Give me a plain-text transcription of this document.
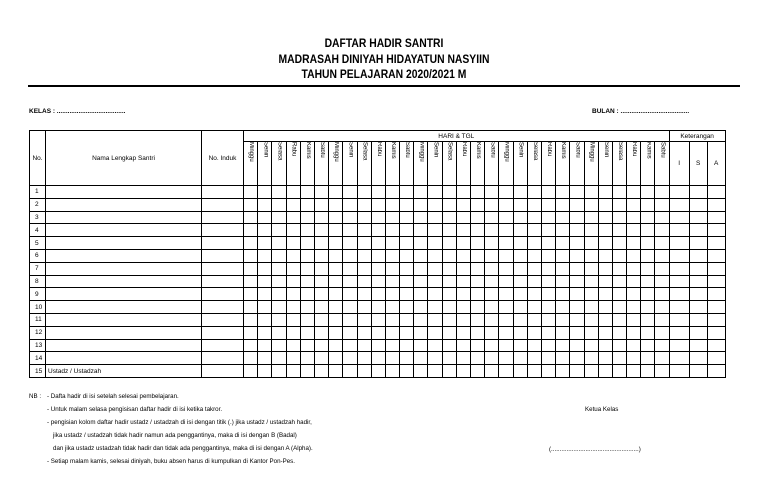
DAFTAR HADIR SANTRI
MADRASAH DINIYAH HIDAYATUN NASYIIN
TAHUN PELAJARAN 2020/2021 M
KELAS : ......................................	BULAN : ......................................
No.	Nama Lengkap Santri	No. Induk	HARI & TGL																														Keterangan		

			Minggu	Senin	Selasa	Rabu	Kamis	Sabtu	Minggu	Senin	Selasa	Rabu	Kamis	Sabtu	Minggu	Senin	Selasa	Rabu	Kamis	Sabtu	Minggu	Senin	Selasa	Rabu	Kamis	Sabtu	Minggu	Senin	Selasa	Rabu	Kamis	Sabtu	I	S	A
1																																			
2																																			
3																																			
4																																			
5																																			
6																																			
7																																			
8																																			
9																																			
10																																			
11																																			
12																																			
13																																			
14																																			
15	Ustadz / Ustadzah																																		
NB : - Dafta hadir di isi setelah selesai pembelajaran.
- Untuk malam selasa pengisisan daftar hadir di isi ketika takror.
- pengisian kolom daftar hadir ustadz / ustadzah di isi dengan titik (.) jika ustadz / ustadzah hadir,
jika ustadz / ustadzah tidak hadir namun ada penggantinya, maka di isi dengan B (Badal)
dan jika ustadz ustadzah tidak hadir dan tidak ada penggantinya, maka di isi dengan A (Alpha).
- Setiap malam kamis, selesai diniyah, buku absen harus di kumpulkan di Kantor Pon-Pes.
Ketua Kelas
(...................................................)
